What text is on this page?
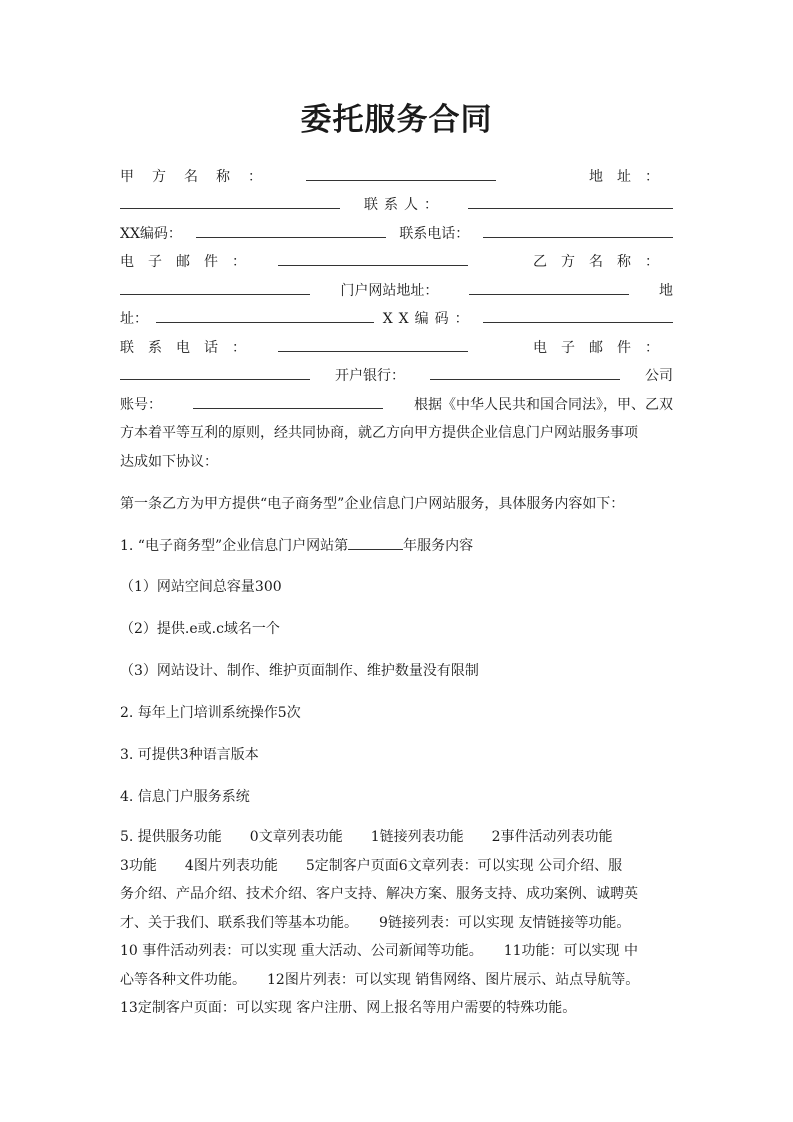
委托服务合同
甲方名称：	地址：
联系人：
XX编码：	联系电话：
电子邮件：	乙方名称：
门户网站地址：	地
址：	XX编码：
联系电话：	电子邮件：
开户银行：	公司
账号：	根据《中华人民共和国合同法》，甲、乙双
方本着平等互利的原则，经共同协商，就乙方向甲方提供企业信息门户网站服务事项
达成如下协议：
第一条乙方为甲方提供“电子商务型”企业信息门户网站服务，具体服务内容如下：
1. “电子商务型”企业信息门户网站第	年服务内容
（1）网站空间总容量300
（2）提供.e或.c域名一个
（3）网站设计、制作、维护页面制作、维护数量没有限制
2. 每年上门培训系统操作5次
3. 可提供3种语言版本
4. 信息门户服务系统
5. 提供服务功能　　0文章列表功能　　1链接列表功能　　2事件活动列表功能
3功能　　4图片列表功能　　5定制客户页面6文章列表：可以实现 公司介绍、服
务介绍、产品介绍、技术介绍、客户支持、解决方案、服务支持、成功案例、诚聘英
才、关于我们、联系我们等基本功能。　　9链接列表：可以实现 友情链接等功能。
10 事件活动列表：可以实现 重大活动、公司新闻等功能。　　11功能：可以实现 中
心等各种文件功能。　　12图片列表：可以实现 销售网络、图片展示、站点导航等。
13定制客户页面：可以实现 客户注册、网上报名等用户需要的特殊功能。
